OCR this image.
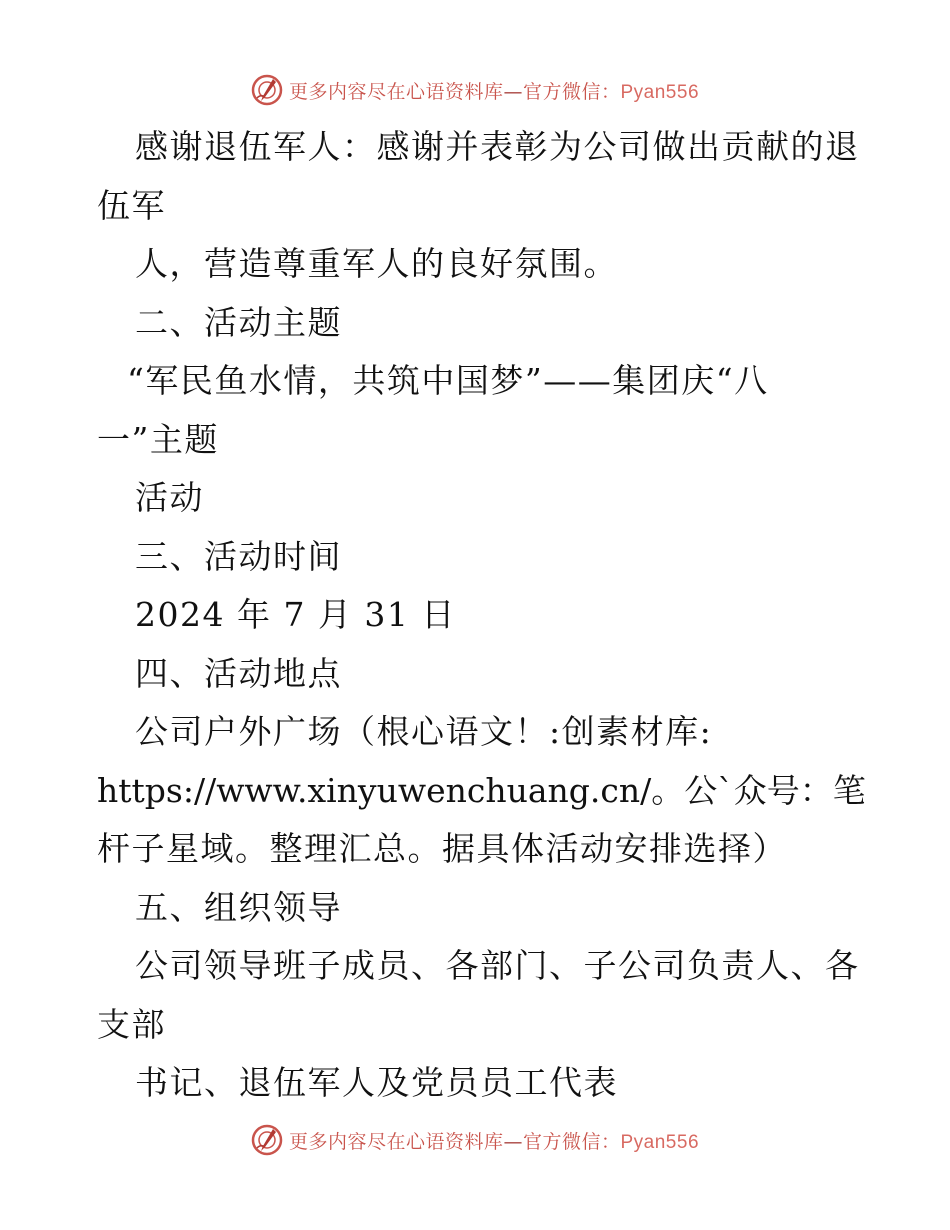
更多内容尽在心语资料库—官方微信：Pyan556
感谢退伍军人：感谢并表彰为公司做出贡献的退
伍军
人，营造尊重军人的良好氛围。
二、活动主题
“军民鱼水情，共筑中国梦”——集团庆“八
一”主题
活动
三、活动时间
2024 年 7 月 31 日
四、活动地点
公司户外广场（根心语文！:创素材库:
https://www.xinyuwenchuang.cn/。公`众号：笔
杆子星域。整理汇总。据具体活动安排选择）
五、组织领导
公司领导班子成员、各部门、子公司负责人、各
支部
书记、退伍军人及党员员工代表
更多内容尽在心语资料库—官方微信：Pyan556
